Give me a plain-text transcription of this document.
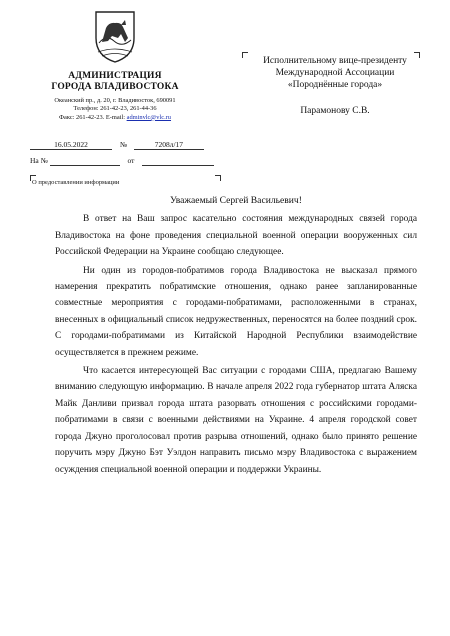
АДМИНИСТРАЦИЯ
ГОРОДА ВЛАДИВОСТОКА
Океанский пр., д. 20, г. Владивосток, 690091
Телефон: 261-42-23, 261-44-36
Факс: 261-42-23. E-mail: adminvlc@vlc.ru
16.05.2022	№	7208л/17
На №	от
О предоставлении информации
Исполнительному вице-президенту
Международной Ассоциации
«Породнённые города»
Парамонову С.В.
Уважаемый Сергей Васильевич!

В ответ на Ваш запрос касательно состояния международных связей города Владивостока на фоне проведения специальной военной операции вооруженных сил Российской Федерации на Украине сообщаю следующее.

Ни один из городов-побратимов города Владивостока не высказал прямого намерения прекратить побратимские отношения, однако ранее запланированные совместные мероприятия с городами-побратимами, расположенными в странах, внесенных в официальный список недружественных, переносятся на более поздний срок. С городами-побратимами из Китайской Народной Республики взаимодействие осуществляется в прежнем режиме.

Что касается интересующей Вас ситуации с городами США, предлагаю Вашему вниманию следующую информацию. В начале апреля 2022 года губернатор штата Аляска Майк Данливи призвал города штата разорвать отношения с российскими городами-побратимами в связи с военными действиями на Украине. 4 апреля городской совет города Джуно проголосовал против разрыва отношений, однако было принято решение поручить мэру Джуно Бэт Уэлдон направить письмо мэру Владивостока с выражением осуждения специальной военной операции и поддержки Украины.
